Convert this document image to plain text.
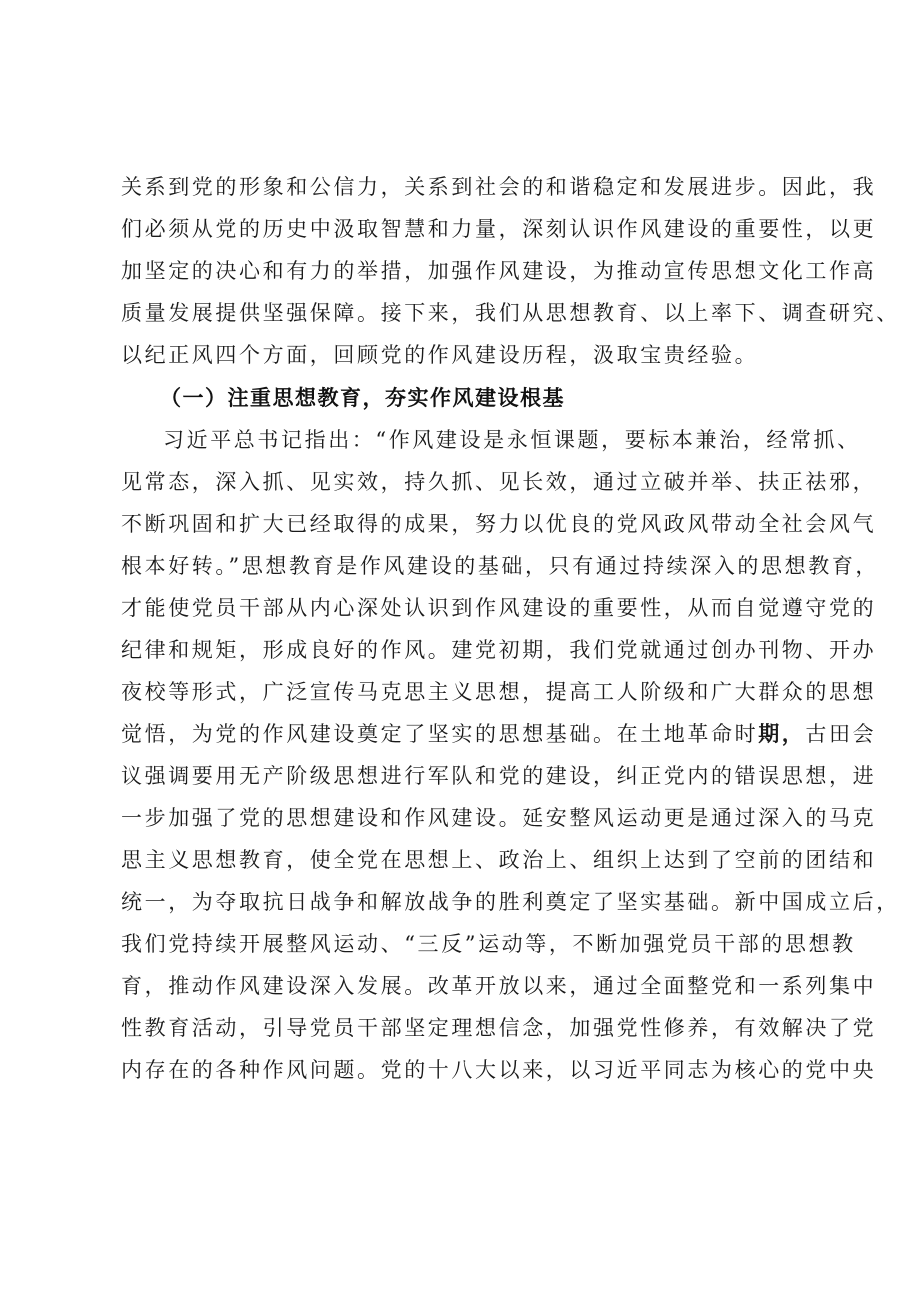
关系到党的形象和公信力，关系到社会的和谐稳定和发展进步。因此，我
们必须从党的历史中汲取智慧和力量，深刻认识作风建设的重要性，以更
加坚定的决心和有力的举措，加强作风建设，为推动宣传思想文化工作高
质量发展提供坚强保障。接下来，我们从思想教育、以上率下、调查研究、
以纪正风四个方面，回顾党的作风建设历程，汲取宝贵经验。
（一）注重思想教育，夯实作风建设根基
习近平总书记指出：“作风建设是永恒课题，要标本兼治，经常抓、
见常态，深入抓、见实效，持久抓、见长效，通过立破并举、扶正祛邪，
不断巩固和扩大已经取得的成果，努力以优良的党风政风带动全社会风气
根本好转。”思想教育是作风建设的基础，只有通过持续深入的思想教育，
才能使党员干部从内心深处认识到作风建设的重要性，从而自觉遵守党的
纪律和规矩，形成良好的作风。建党初期，我们党就通过创办刊物、开办
夜校等形式，广泛宣传马克思主义思想，提高工人阶级和广大群众的思想
觉悟，为党的作风建设奠定了坚实的思想基础。在土地革命时期，古田会
议强调要用无产阶级思想进行军队和党的建设，纠正党内的错误思想，进
一步加强了党的思想建设和作风建设。延安整风运动更是通过深入的马克
思主义思想教育，使全党在思想上、政治上、组织上达到了空前的团结和
统一，为夺取抗日战争和解放战争的胜利奠定了坚实基础。新中国成立后，
我们党持续开展整风运动、“三反”运动等，不断加强党员干部的思想教
育，推动作风建设深入发展。改革开放以来，通过全面整党和一系列集中
性教育活动，引导党员干部坚定理想信念，加强党性修养，有效解决了党
内存在的各种作风问题。党的十八大以来，以习近平同志为核心的党中央
